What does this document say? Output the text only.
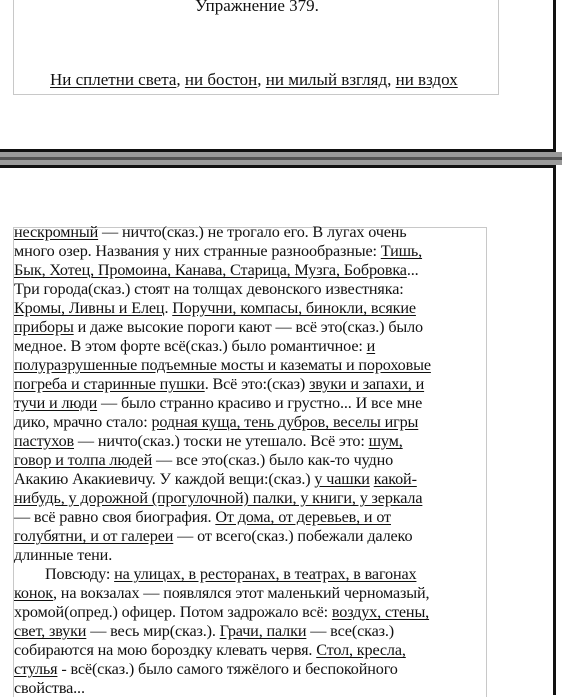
Упражнение 379.
Ни сплетни света, ни бостон, ни милый взгляд, ни вздох
нескромный — ничто(сказ.) не трогало его. В лугах очень
много озер. Названия у них странные разнообразные: Тишь,
Бык, Хотец, Промоина, Канава, Старица, Музга, Бобровка...
Три города(сказ.) стоят на толщах девонского известняка:
Кромы, Ливны и Елец. Поручни, компасы, бинокли, всякие
приборы и даже высокие пороги кают — всё это(сказ.) было
медное. В этом форте всё(сказ.) было романтичное: и
полуразрушенные подъемные мосты и казематы и пороховые
погреба и старинные пушки. Всё это:(сказ) звуки и запахи, и
тучи и люди — было странно красиво и грустно... И все мне
дико, мрачно стало: родная куща, тень дубров, веселы игры
пастухов — ничто(сказ.) тоски не утешало. Всё это: шум,
говор и толпа людей — все это(сказ.) было как-то чудно
Акакию Акакиевичу. У каждой вещи:(сказ.) у чашки какой-
нибудь, у дорожной (прогулочной) палки, у книги, у зеркала
— всё равно своя биография. От дома, от деревьев, и от
голубятни, и от галереи — от всего(сказ.) побежали далеко
длинные тени.
Повсюду: на улицах, в ресторанах, в театрах, в вагонах
конок, на вокзалах — появлялся этот маленький черномазый,
хромой(опред.) офицер. Потом задрожало всё: воздух, стены,
свет, звуки — весь мир(сказ.). Грачи, палки — все(сказ.)
собираются на мою бороздку клевать червя. Стол, кресла,
стулья - всё(сказ.) было самого тяжёлого и беспокойного
свойства...
